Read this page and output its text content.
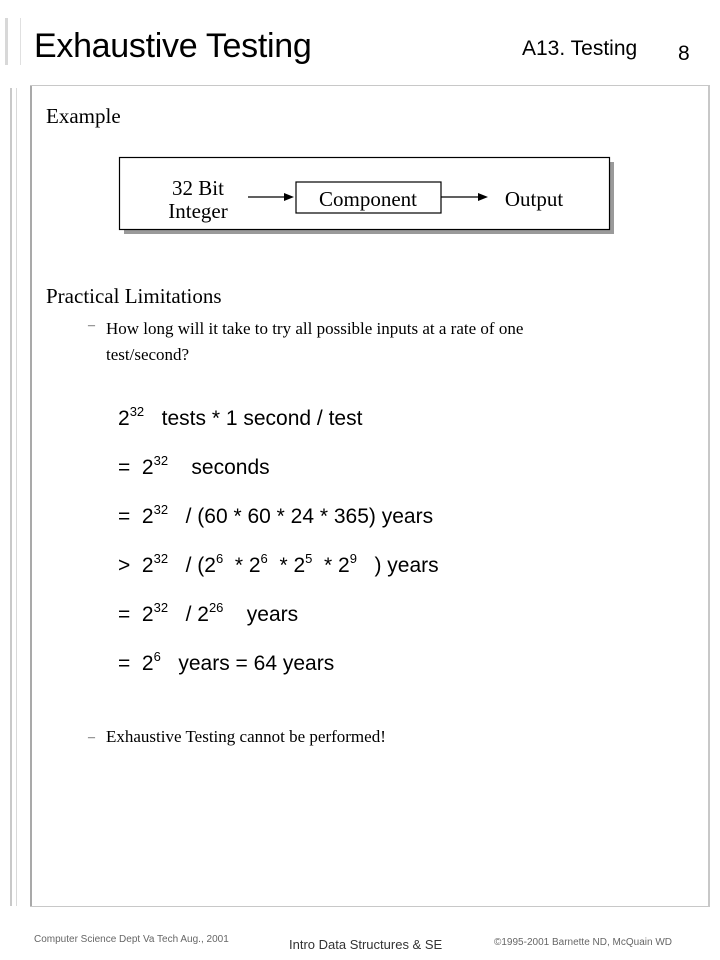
Exhaustive Testing	A13. Testing 8
Example
32 Bit
Integer	Component	Output
Practical Limitations
– How long will it take to try all possible inputs at a rate of one
test/second?
$2^{32}$   tests * 1 second / test
=  $2^{32}$    seconds
=  $2^{32} / (60 * 60 * 24 * 365)$ years
>  $2^{32} / (2^6 * 2^6 * 2^5 * 2^9$   ) years
=  $2^{32} / 2^{26}$    years
=  $2^6$   years = 64 years
– Exhaustive Testing cannot be performed!
Computer Science Dept Va Tech Aug., 2001	Intro Data Structures & SE	©1995-2001 Barnette ND, McQuain WD
